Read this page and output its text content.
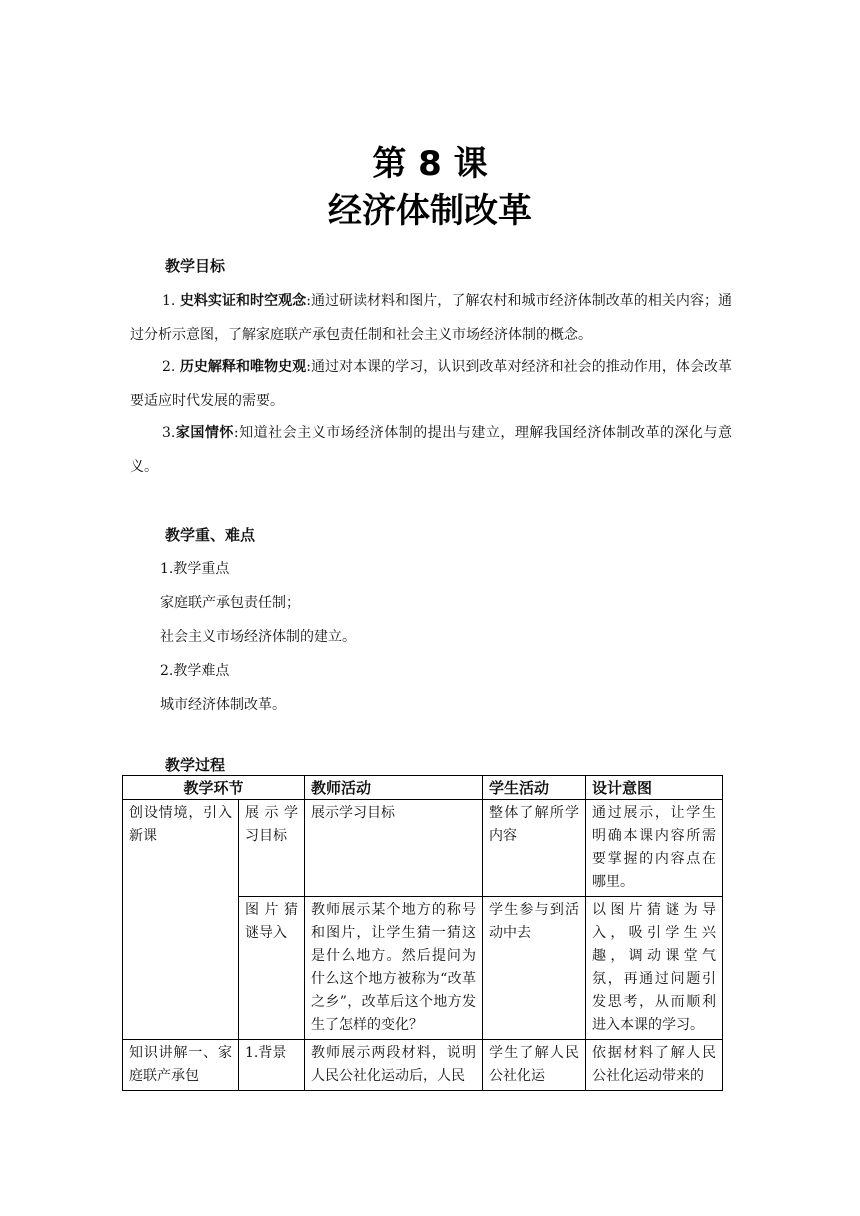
第 8 课
经济体制改革
教学目标
1. 史料实证和时空观念:通过研读材料和图片，了解农村和城市经济体制改革的相关内容；通过分析示意图，了解家庭联产承包责任制和社会主义市场经济体制的概念。
2. 历史解释和唯物史观:通过对本课的学习，认识到改革对经济和社会的推动作用，体会改革要适应时代发展的需要。
3.家国情怀:知道社会主义市场经济体制的提出与建立，理解我国经济体制改革的深化与意义。
教学重、难点
1.教学重点
家庭联产承包责任制；
社会主义市场经济体制的建立。
2.教学难点
城市经济体制改革。
教学过程
教学环节		教师活动	学生活动	设计意图
创设情境，引入新课	展示学习目标	展示学习目标	整体了解所学内容	通过展示，让学生明确本课内容所需要掌握的内容点在哪里。
	图片猜谜导入	教师展示某个地方的称号和图片，让学生猜一猜这是什么地方。然后提问为什么这个地方被称为“改革之乡”，改革后这个地方发生了怎样的变化？	学生参与到活动中去	以图片猜谜为导入，吸引学生兴趣，调动课堂气氛，再通过问题引发思考，从而顺利进入本课的学习。

知识讲解一、家庭联产承包	1.背景	教师展示两段材料，说明人民公社化运动后，人民	学生了解人民公社化运	依据材料了解人民公社化运动带来的
